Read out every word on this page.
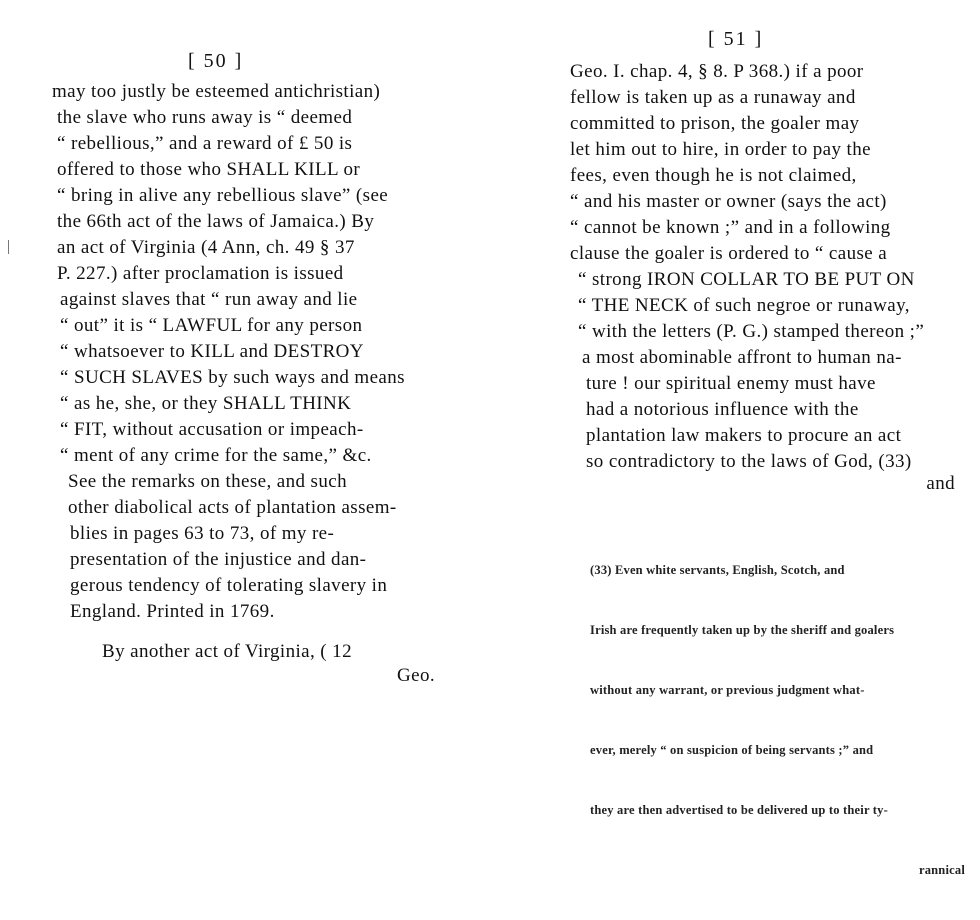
[ 50 ]
may too justly be esteemed antichristian)
the slave who runs away is “ deemed
“ rebellious,” and a reward of £ 50 is
offered to those who SHALL KILL or
“ bring in alive any rebellious slave” (see
the 66th act of the laws of Jamaica.) By
an act of Virginia (4 Ann, ch. 49 § 37
P. 227.) after proclamation is issued
against slaves that “ run away and lie
“ out” it is “ LAWFUL for any person
“ whatsoever to KILL and DESTROY
“ SUCH SLAVES by such ways and means
“ as he, she, or they SHALL THINK
“ FIT, without accusation or impeach-
“ ment of any crime for the same,” &c.
See the remarks on these, and such
other diabolical acts of plantation assem-
blies in pages 63 to 73, of my re-
presentation of the injustice and dan-
gerous tendency of tolerating slavery in
England. Printed in 1769.
By another act of Virginia, ( 12
Geo.
[ 51 ]
Geo. I. chap. 4, § 8. P 368.) if a poor
fellow is taken up as a runaway and
committed to prison, the goaler may
let him out to hire, in order to pay the
fees, even though he is not claimed,
“ and his master or owner (says the act)
“ cannot be known ;” and in a following
clause the goaler is ordered to “ cause a
“ strong IRON COLLAR TO BE PUT ON
“ THE NECK of such negroe or runaway,
“ with the letters (P. G.) stamped thereon ;”
a most abominable affront to human na-
ture ! our spiritual enemy must have
had a notorious influence with the
plantation law makers to procure an act
so contradictory to the laws of God, (33)
and

(33) Even white servants, English, Scotch, and

Irish are frequently taken up by the sheriff and goalers

without any warrant, or previous judgment what-

ever, merely “ on suspicion of being servants ;” and

they are then advertised to be delivered up to their ty-

rannical
